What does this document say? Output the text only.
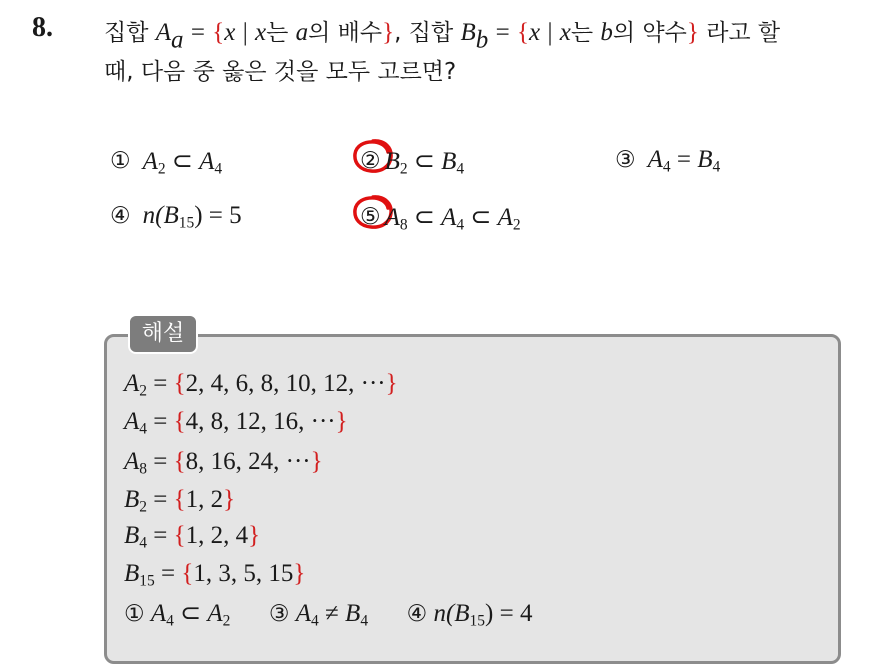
8. 집합 $A_a = \{x$ | x는 a의 배수}, 집합 $B_b = \{x$ | x는 b의 약수} 라고 할
때, 다음 중 옳은 것을 모두 고르면?
① $A_2$ ⊂ $A_4$	② $B_2$ ⊂ $B_4$	③ $A_4 = B_4$
④ $n(B_{15}) = 5$	⑤ $A_8$ ⊂ $A_4$ ⊂ $A_2$
해설
$A_2 = \{2$, 4, 6, 8, 10, 12, ···}
$A_4 = \{4$, 8, 12, 16, ···}
$A_8 = \{8$, 16, 24, ···}
$B_2 = \{1$, 2}
$B_4 = \{1$, 2, 4}
$B_{15} = \{1$, 3, 5, 15}
① $A_4$ ⊂ $A_2$ ③ $A_4 \ne B_4$ ④ $n(B_{15}) = 4$
